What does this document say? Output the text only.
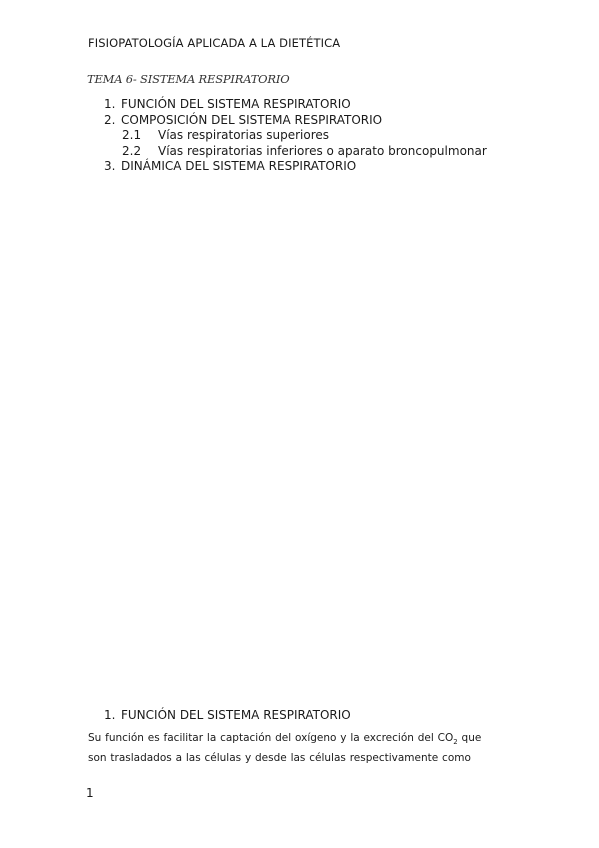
FISIOPATOLOGÍA APLICADA A LA DIETÉTICA
TEMA 6- SISTEMA RESPIRATORIO
1. FUNCIÓN DEL SISTEMA RESPIRATORIO
2. COMPOSICIÓN DEL SISTEMA RESPIRATORIO
2.1	Vías respiratorias superiores
2.2	Vías respiratorias inferiores o aparato broncopulmonar
3. DINÁMICA DEL SISTEMA RESPIRATORIO
1. FUNCIÓN DEL SISTEMA RESPIRATORIO
Su función es facilitar la captación del oxígeno y la excreción del $CO_2$ que
son trasladados a las células y desde las células respectivamente como
1
